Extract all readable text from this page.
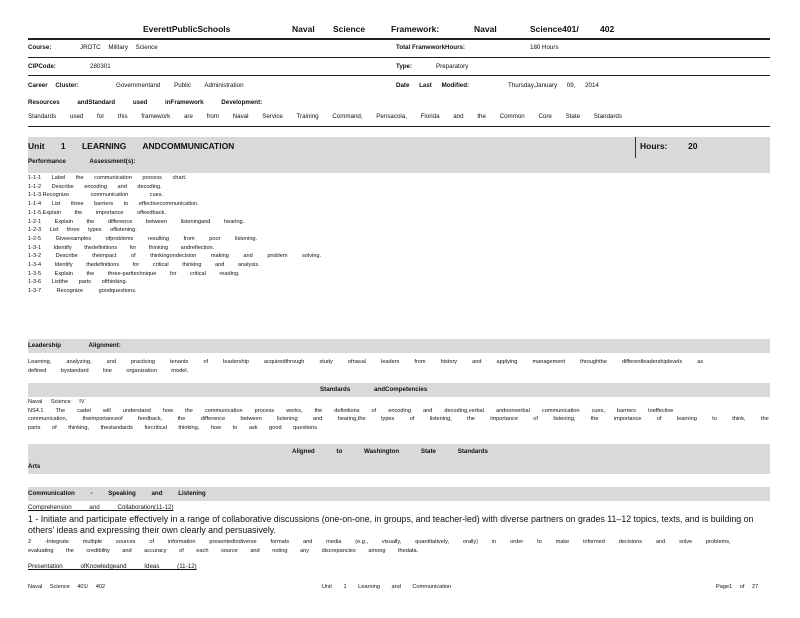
EverettPublicSchools	Naval Science	Framework:	Naval	Science401/	402
Course:	JROTC Military Science	Total FrameworkHours:	180 Hours
CIPCode:	280301	Type:	Preparatory
Career Cluster:	Governmentand Public Administration	Date Last Modified:	Thursday,January 09, 2014
Resources andStandard used inFramework Development:
Standards used for this framework are from Naval Service Training Command, Pensacola, Florida and the Common Core State Standards
Unit 1 LEARNING ANDCOMMUNICATION	Hours: 20
Performance Assessment(s):
1-1-1 Label the communication process chart.
1-1-2 Describe encoding and decoding.
1-1-3.Recognize communication cues.
1-1-4 List three barriers to effectivecommunication.
1-1-5.Explain the importance offeedback.
1-2-1 Explain the difference between listeningand hearing.
1-2-3 List three types oflistening.
1-2-5 Giveexamples ofproblems resulting from poor listening.
1-3-1 Identify thedefinitions for thinking andreflection.
1-3-2 Describe theimpact of thinkingondecision making and problem solving.
1-3-4 Identify thedefinitions for critical thinking and analysis.
1-3-5 Explain the three-parttechnique for critical reading.
1-3-6 Listthe parts ofthinking.
1-3-7 Recognize goodquestions.
Leadership Alignment:
Learning, analyzing, and practicing tenants of leadership acquiredthrough study ofnaval leaders from history and applying management throughthe differentleadershiplevels as
defined bystandard line organization model.
Standards andCompetencies
Naval Science IV
NS4.1 The cadet will understand how the communication process works, the definitions of encoding and decoding,verbal andnonverbal communication cues, barriers toeffective
communication, theimportanceof feedback, the difference between listening and hearing,the types of listening, the importance of listening, the importance of learning to think, the
parts of thinking, thestandards forcritical thinking, how to ask good questions
Aligned to Washington State Standards
Arts
Communication - Speaking and Listening
Comprehension and Collaboration(11-12)
1 - Initiate and participate effectively in a range of collaborative discussions (one-on-one, in groups, and teacher-led) with diverse partners on grades 11–12 topics, texts, and is building on others' ideas and expressing their own clearly and persuasively.
2 -Integrate multiple sources of information presentedindiverse formats and media (e.g., visually, quantitatively, orally) in order to make informed decisions and solve problems,
evaluating the credibility and accuracy of each source and noting any discrepancies among thedata.
Presentation ofKnowledgeand Ideas (11-12)
Naval Science 401/ 402	Unit 1 Learning and Communication	Page1 of 27
